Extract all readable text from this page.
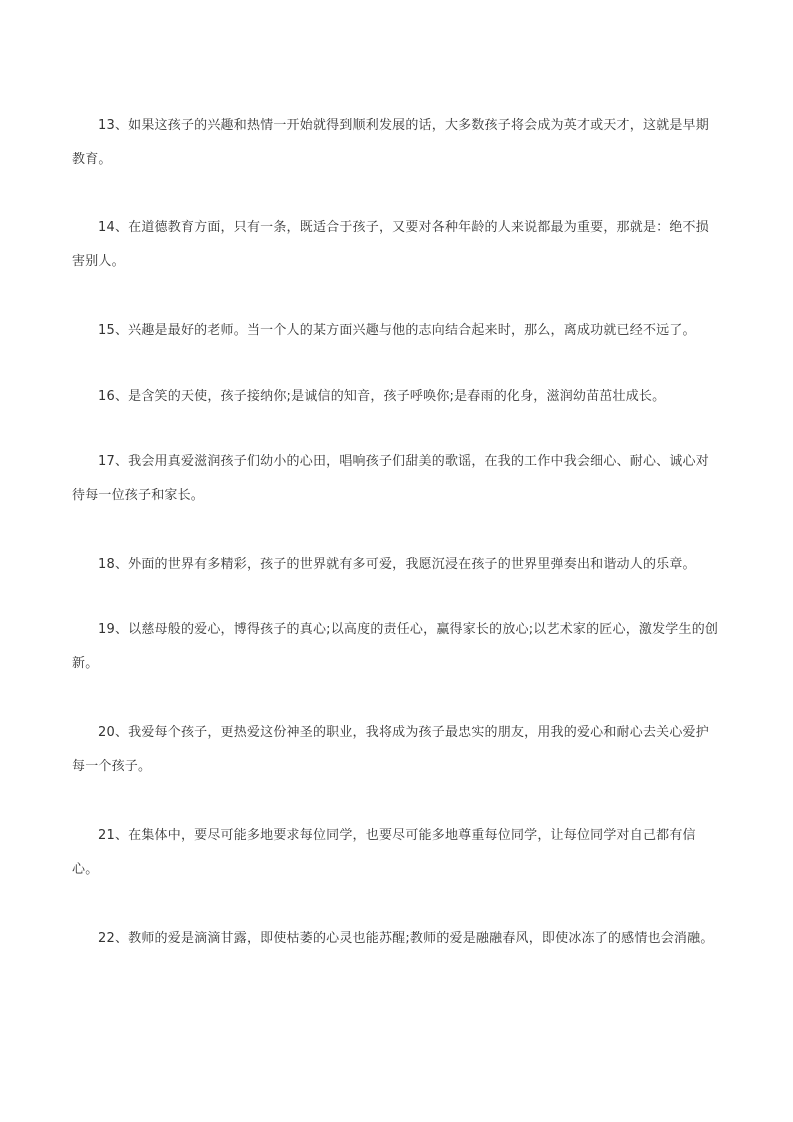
13、如果这孩子的兴趣和热情一开始就得到顺利发展的话，大多数孩子将会成为英才或天才，这就是早期教育。

14、在道德教育方面，只有一条，既适合于孩子，又要对各种年龄的人来说都最为重要，那就是：绝不损害别人。

15、兴趣是最好的老师。当一个人的某方面兴趣与他的志向结合起来时，那么，离成功就已经不远了。

16、是含笑的天使，孩子接纳你;是诚信的知音，孩子呼唤你;是春雨的化身，滋润幼苗茁壮成长。

17、我会用真爱滋润孩子们幼小的心田，唱响孩子们甜美的歌谣，在我的工作中我会细心、耐心、诚心对待每一位孩子和家长。

18、外面的世界有多精彩，孩子的世界就有多可爱，我愿沉浸在孩子的世界里弹奏出和谐动人的乐章。

19、以慈母般的爱心，博得孩子的真心;以高度的责任心，赢得家长的放心;以艺术家的匠心，激发学生的创新。

20、我爱每个孩子，更热爱这份神圣的职业，我将成为孩子最忠实的朋友，用我的爱心和耐心去关心爱护每一个孩子。

21、在集体中，要尽可能多地要求每位同学，也要尽可能多地尊重每位同学，让每位同学对自己都有信心。

22、教师的爱是滴滴甘露，即使枯萎的心灵也能苏醒;教师的爱是融融春风，即使冰冻了的感情也会消融。
